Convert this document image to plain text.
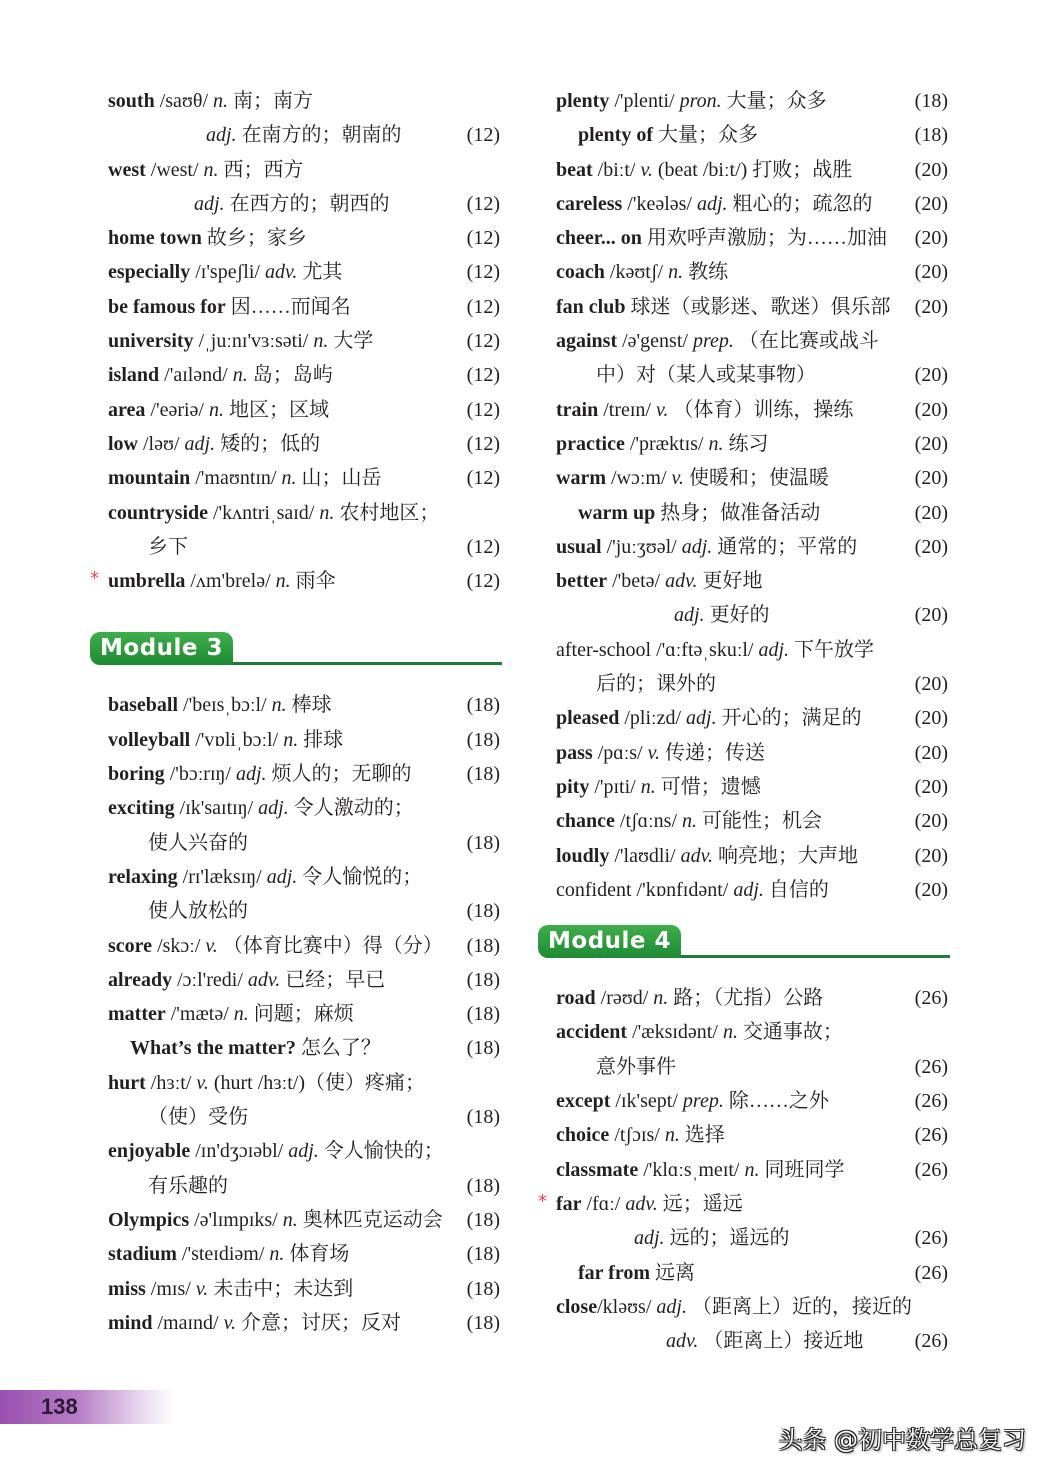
south /saʊθ/ n. 南；南方
adj. 在南方的；朝南的	(12)
west /west/ n. 西；西方
adj. 在西方的；朝西的	(12)
home town 故乡；家乡	(12)
especially /ɪ'speʃli/ adv. 尤其	(12)
be famous for 因……而闻名	(12)
university /ˌjuːnɪ'vɜːsəti/ n. 大学	(12)
island /'aɪlənd/ n. 岛；岛屿	(12)
area /'eəriə/ n. 地区；区域	(12)
low /ləʊ/ adj. 矮的；低的	(12)
mountain /'maʊntɪn/ n. 山；山岳	(12)
countryside /'kʌntriˌsaɪd/ n. 农村地区；
乡下	(12)
* umbrella /ʌm'brelə/ n. 雨伞	(12)
Module 3
baseball /'beɪsˌbɔːl/ n. 棒球	(18)
volleyball /'vɒliˌbɔːl/ n. 排球	(18)
boring /'bɔːrɪŋ/ adj. 烦人的；无聊的	(18)
exciting /ɪk'saɪtɪŋ/ adj. 令人激动的；
使人兴奋的	(18)
relaxing /rɪ'læksɪŋ/ adj. 令人愉悦的；
使人放松的	(18)
score /skɔː/ v. （体育比赛中）得（分） (18)
already /ɔːl'redi/ adv. 已经；早已	(18)
matter /'mætə/ n. 问题；麻烦	(18)
What’s the matter? 怎么了？	(18)
hurt /hɜːt/ v. (hurt /hɜːt/)（使）疼痛；
（使）受伤	(18)
enjoyable /ɪn'dʒɔɪəbl/ adj. 令人愉快的；
有乐趣的	(18)
Olympics /ə'lɪmpɪks/ n. 奥林匹克运动会 (18)
stadium /'steɪdiəm/ n. 体育场	(18)
miss /mɪs/ v. 未击中；未达到	(18)
mind /maɪnd/ v. 介意；讨厌；反对	(18)
plenty /'plenti/ pron. 大量；众多	(18)
plenty of 大量；众多	(18)
beat /biːt/ v. (beat /biːt/) 打败；战胜	(20)
careless /'keələs/ adj. 粗心的；疏忽的 (20)
cheer... on 用欢呼声激励；为……加油 (20)
coach /kəʊtʃ/ n. 教练	(20)
fan club 球迷（或影迷、歌迷）俱乐部 (20)
against /ə'genst/ prep. （在比赛或战斗
中）对（某人或某事物）	(20)
train /treɪn/ v. （体育）训练，操练	(20)
practice /'præktɪs/ n. 练习	(20)
warm /wɔːm/ v. 使暖和；使温暖	(20)
warm up 热身；做准备活动	(20)
usual /'juːʒʊəl/ adj. 通常的；平常的	(20)
better /'betə/ adv. 更好地
adj. 更好的	(20)
after-school /'ɑːftəˌskuːl/ adj. 下午放学
后的；课外的	(20)
pleased /pliːzd/ adj. 开心的；满足的	(20)
pass /pɑːs/ v. 传递；传送	(20)
pity /'pɪti/ n. 可惜；遗憾	(20)
chance /tʃɑːns/ n. 可能性；机会	(20)
loudly /'laʊdli/ adv. 响亮地；大声地	(20)
confident /'kɒnfɪdənt/ adj. 自信的	(20)
Module 4
road /rəʊd/ n. 路；（尤指）公路	(26)
accident /'æksɪdənt/ n. 交通事故；
意外事件	(26)
except /ɪk'sept/ prep. 除……之外	(26)
choice /tʃɔɪs/ n. 选择	(26)
classmate /'klɑːsˌmeɪt/ n. 同班同学	(26)
* far /fɑː/ adv. 远；遥远
adj. 远的；遥远的	(26)
far from 远离	(26)
close/kləʊs/ adj. （距离上）近的，接近的
adv. （距离上）接近地	(26)
138
头条 @初中数学总复习
